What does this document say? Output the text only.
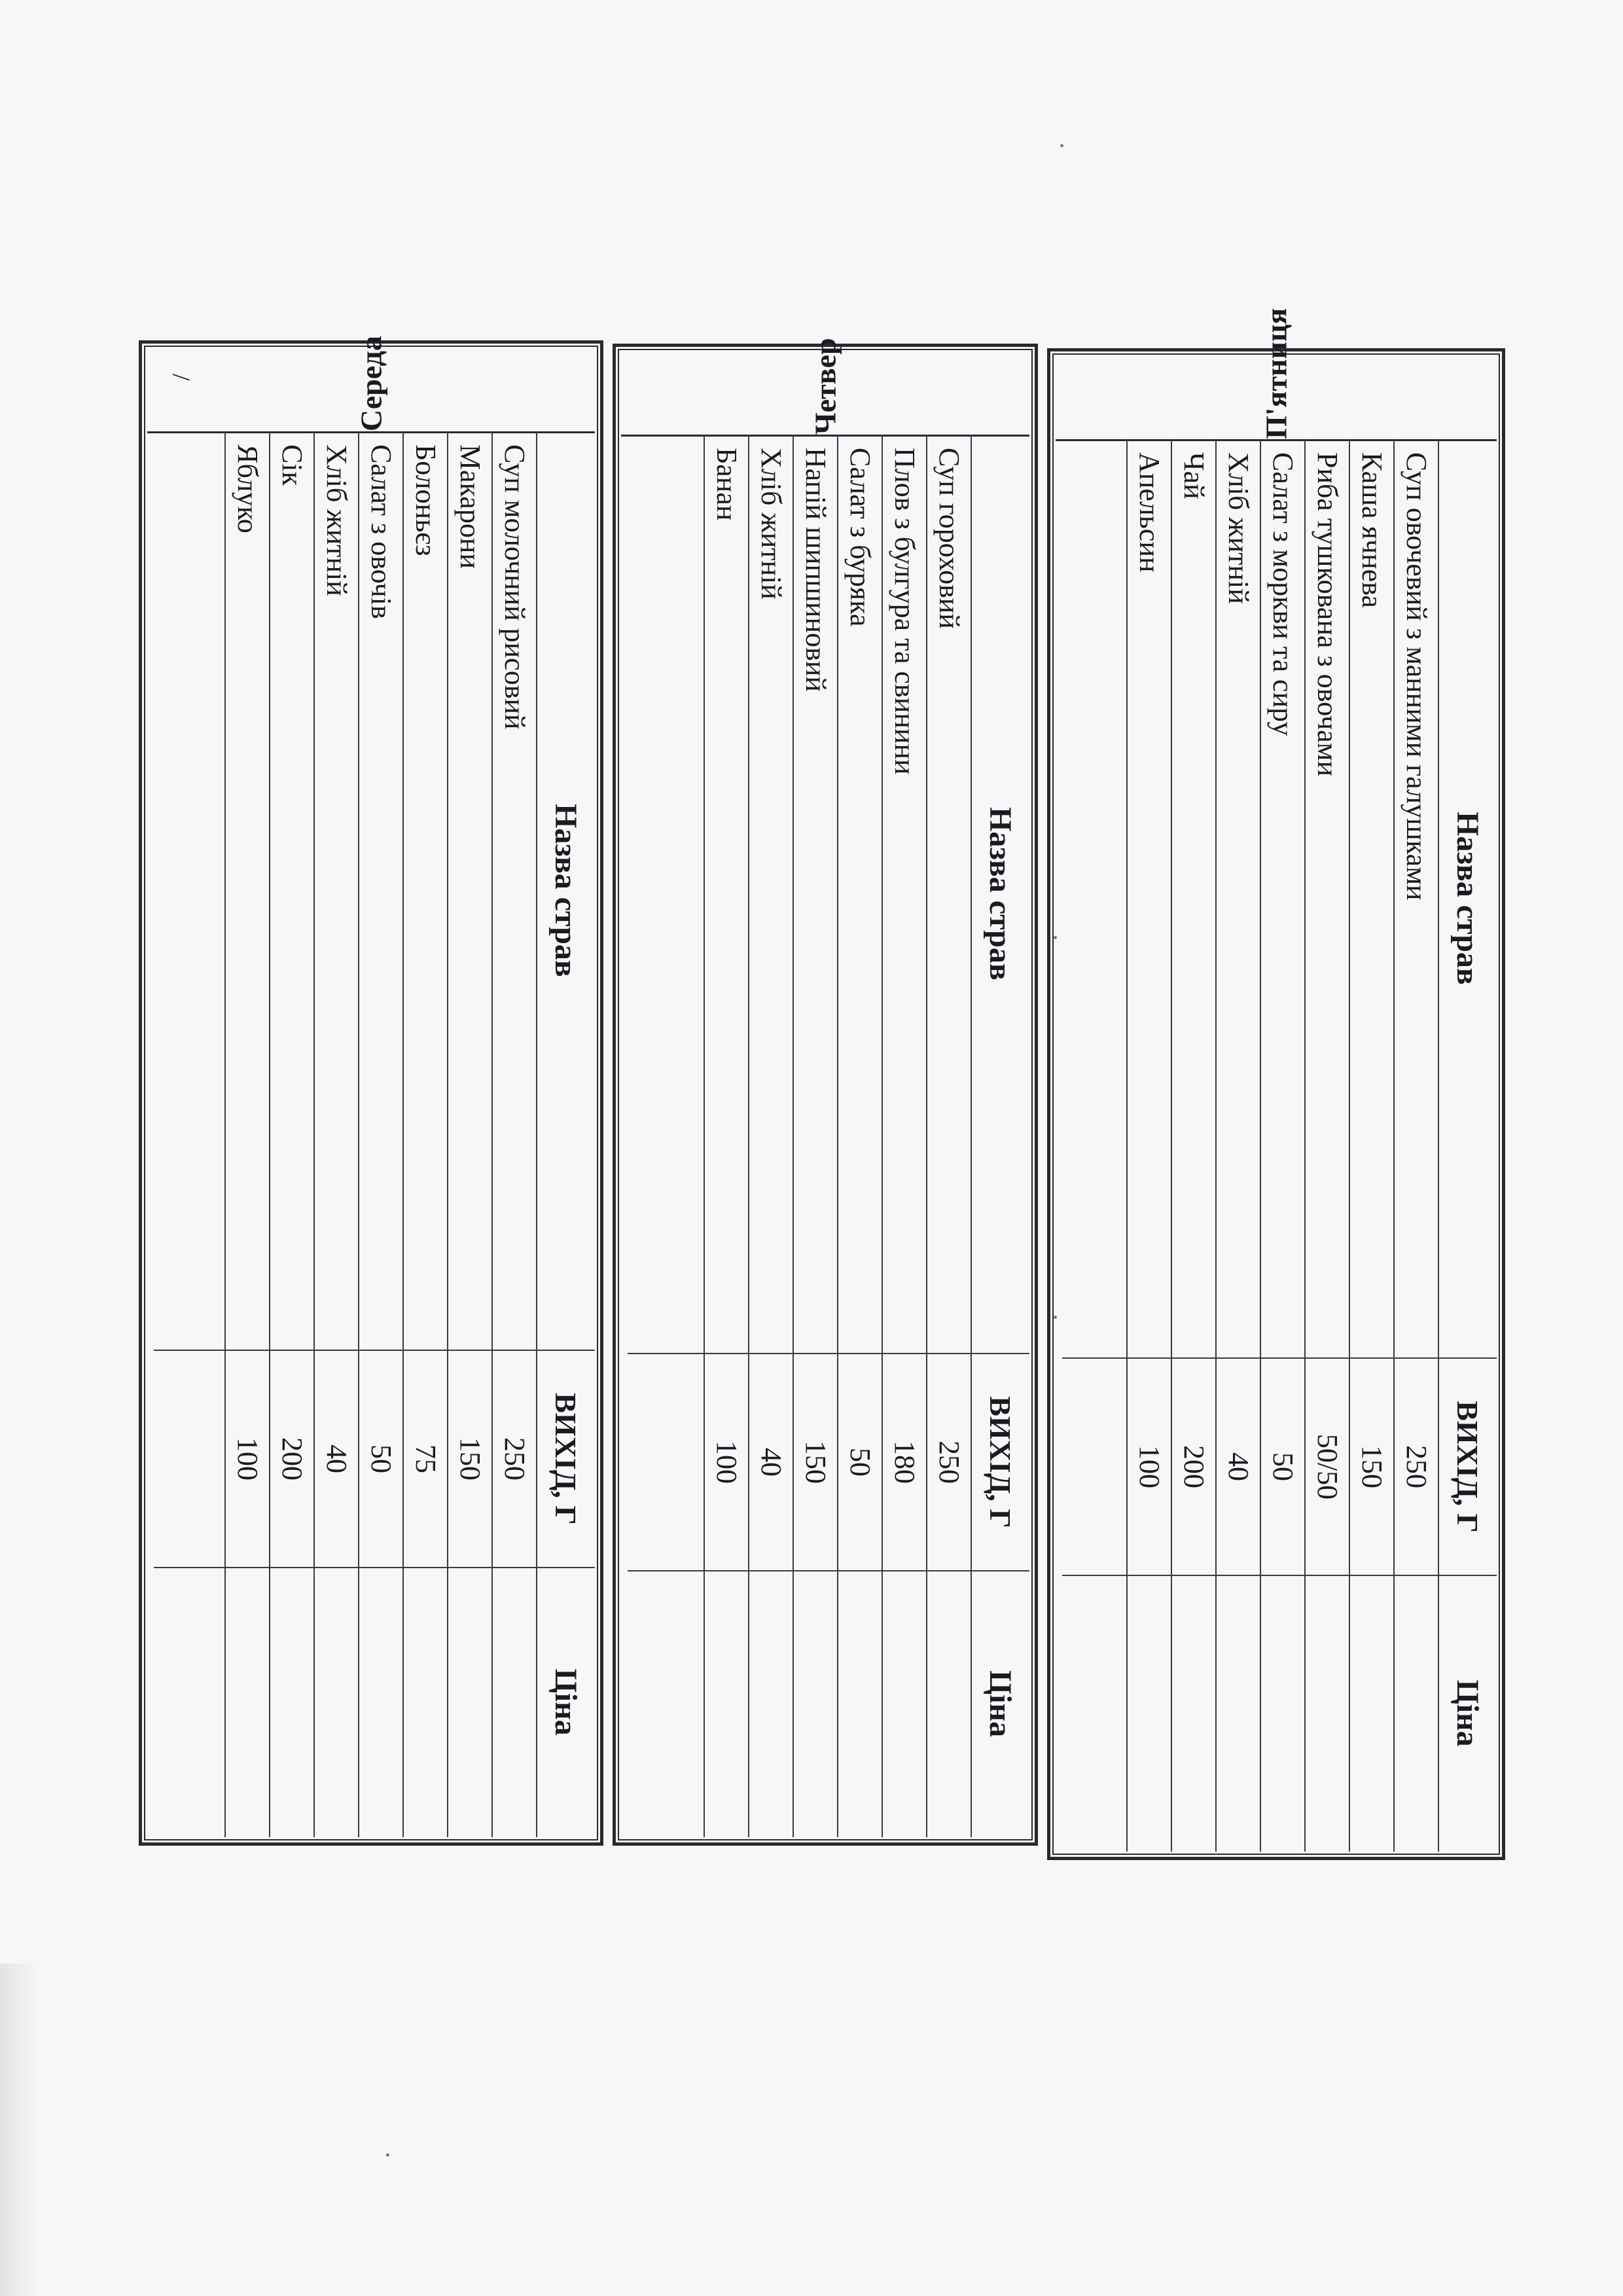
Середа
/
Назва страв
ВИХІД, Г
Ціна
Суп молочний рисовий
250
Макарони
150
Болоньєз
75
Салат з овочів
50
Хліб житній
40
Сік
200
Яблуко
100
Четвер
Назва страв
ВИХІД, Г
Ціна
Суп гороховий
250
Плов з булгура та свинини
180
Салат з буряка
50
Напій шипшиновий
150
Хліб житній
40
Банан
100
П'ятниця
Назва страв
ВИХІД, Г
Ціна
Суп овочевий з манними галушками
250
Каша ячнева
150
Риба тушкована з овочами
50/50
Салат з моркви та сиру
50
Хліб житній
40
Чай
200
Апельсин
100
